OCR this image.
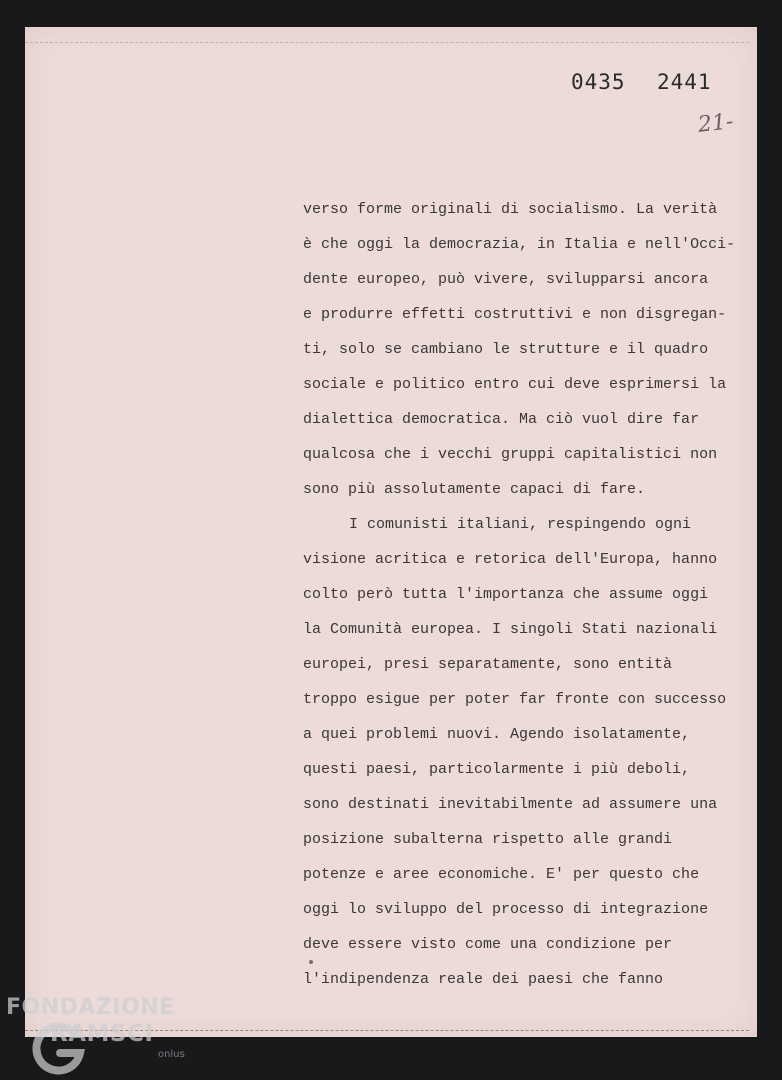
0435 2441
21-
verso forme originali di socialismo. La verità
è che oggi la democrazia, in Italia e nell'Occi-
dente europeo, può vivere, svilupparsi ancora
e produrre effetti costruttivi e non disgregan-
ti, solo se cambiano le strutture e il quadro
sociale e politico entro cui deve esprimersi la
dialettica democratica. Ma ciò vuol dire far
qualcosa che i vecchi gruppi capitalistici non
sono più assolutamente capaci di fare.
I comunisti italiani, respingendo ogni
visione acritica e retorica dell'Europa, hanno
colto però tutta l'importanza che assume oggi
la Comunità europea. I singoli Stati nazionali
europei, presi separatamente, sono entità
troppo esigue per poter far fronte con successo
a quei problemi nuovi. Agendo isolatamente,
questi paesi, particolarmente i più deboli,
sono destinati inevitabilmente ad assumere una
posizione subalterna rispetto alle grandi
potenze e aree economiche. E' per questo che
oggi lo sviluppo del processo di integrazione
deve essere visto come una condizione per
l'indipendenza reale dei paesi che fanno
FONDAZIONE
RAMSCI
onlus
